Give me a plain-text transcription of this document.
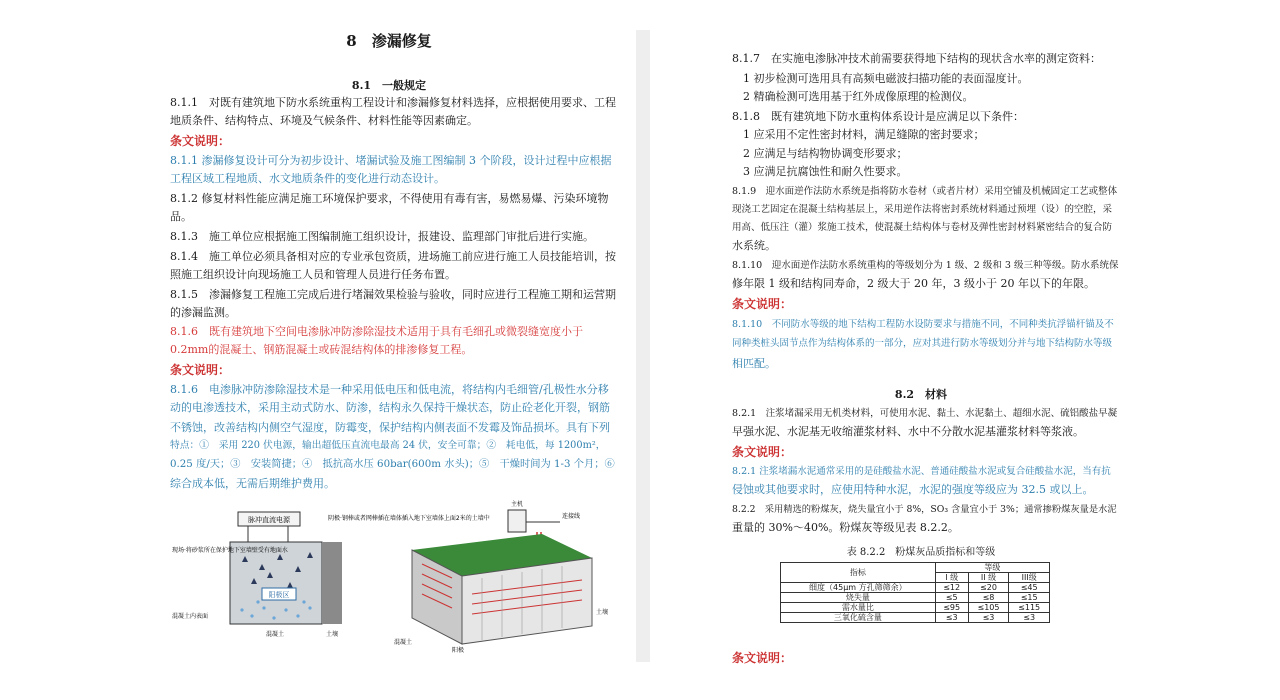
8　渗漏修复
8.1　一般规定
8.1.1　对既有建筑地下防水系统重构工程设计和渗漏修复材料选择，应根据使用要求、工程
地质条件、结构特点、环境及气候条件、材料性能等因素确定。
条文说明：
8.1.1 渗漏修复设计可分为初步设计、堵漏试验及施工图编制 3 个阶段，设计过程中应根据
工程区域工程地质、水文地质条件的变化进行动态设计。
8.1.2 修复材料性能应满足施工环境保护要求，不得使用有毒有害，易燃易爆、污染环境物
品。
8.1.3　施工单位应根据施工图编制施工组织设计，报建设、监理部门审批后进行实施。
8.1.4　施工单位必须具备相对应的专业承包资质，进场施工前应进行施工人员技能培训，按
照施工组织设计向现场施工人员和管理人员进行任务布置。
8.1.5　渗漏修复工程施工完成后进行堵漏效果检验与验收，同时应进行工程施工期和运营期
的渗漏监测。
8.1.6　既有建筑地下空间电渗脉冲防渗除湿技术适用于具有毛细孔或微裂缝宽度小于
0.2mm的混凝土、钢筋混凝土或砖混结构体的排渗修复工程。
条文说明：
8.1.6　电渗脉冲防渗除湿技术是一种采用低电压和低电流，将结构内毛细管/孔极性水分移
动的电渗透技术，采用主动式防水、防渗，结构永久保持干燥状态，防止砼老化开裂，钢筋
不锈蚀，改善结构内侧空气湿度，防霉变，保护结构内侧表面不发霉及饰品损坏。具有下列
特点：①　采用 220 伏电源，输出超低压直流电最高 24 伏，安全可靠；②　耗电低，每 1200m²，
0.25 度/天；③　安装简捷；④　抵抗高水压 60bar(600m 水头)；⑤　干燥时间为 1-3 个月；⑥
综合成本低，无需后期维护费用。
脉冲直流电源
阳极区
现场·将砂浆所在保护地下室墙壁受有地面水
阴极·钢棒或者网棒插在墙体插入地下室墙体上面2米的土墙中
混凝土内表面
混凝土	土壤
主机
连接线
土壤
混凝土
阳极
8.1.7　在实施电渗脉冲技术前需要获得地下结构的现状含水率的测定资料：
　1 初步检测可选用具有高频电磁波扫描功能的表面湿度计。
　2 精确检测可选用基于红外成像原理的检测仪。
8.1.8　既有建筑地下防水重构体系设计是应满足以下条件：
　1 应采用不定性密封材料，满足缝隙的密封要求；
　2 应满足与结构物协调变形要求；
　3 应满足抗腐蚀性和耐久性要求。
8.1.9　迎水面逆作法防水系统是指将防水卷材（或者片材）采用空铺及机械固定工艺或整体
现浇工艺固定在混凝土结构基层上，采用逆作法将密封系统材料通过预埋（设）的空腔，采
用高、低压注（灌）浆施工技术，使混凝土结构体与卷材及弹性密封材料紧密结合的复合防
水系统。
8.1.10　迎水面逆作法防水系统重构的等级划分为 1 级、2 级和 3 级三种等级。防水系统保
修年限 1 级和结构同寿命，2 级大于 20 年，3 级小于 20 年以下的年限。
条文说明：
8.1.10　不同防水等级的地下结构工程防水设防要求与措施不同，不同种类抗浮锚杆锚及不
同种类桩头固节点作为结构体系的一部分，应对其进行防水等级划分并与地下结构防水等级
相匹配。
8.2　材料
8.2.1　注浆堵漏采用无机类材料，可使用水泥、黏土、水泥黏土、超细水泥、硫铝酸盐早凝
早强水泥、水泥基无收缩灌浆材料、水中不分散水泥基灌浆材料等浆液。
条文说明：
8.2.1 注浆堵漏水泥通常采用的是硅酸盐水泥、普通硅酸盐水泥或复合硅酸盐水泥，当有抗
侵蚀或其他要求时，应使用特种水泥，水泥的强度等级应为 32.5 或以上。
8.2.2　采用精选的粉煤灰，烧失量宜小于 8%，SO₃ 含量宜小于 3%；通常掺粉煤灰量是水泥
重量的 30%～40%。粉煤灰等级见表 8.2.2。
表 8.2.2　粉煤灰品质指标和等级
指标	等级		
	I 级	II 级	III级
细度（45μm 方孔筛筛余）	≤12	≤20	≤45
烧失量	≤5	≤8	≤15
需水量比	≤95	≤105	≤115
三氧化硫含量	≤3	≤3	≤3
条文说明：
